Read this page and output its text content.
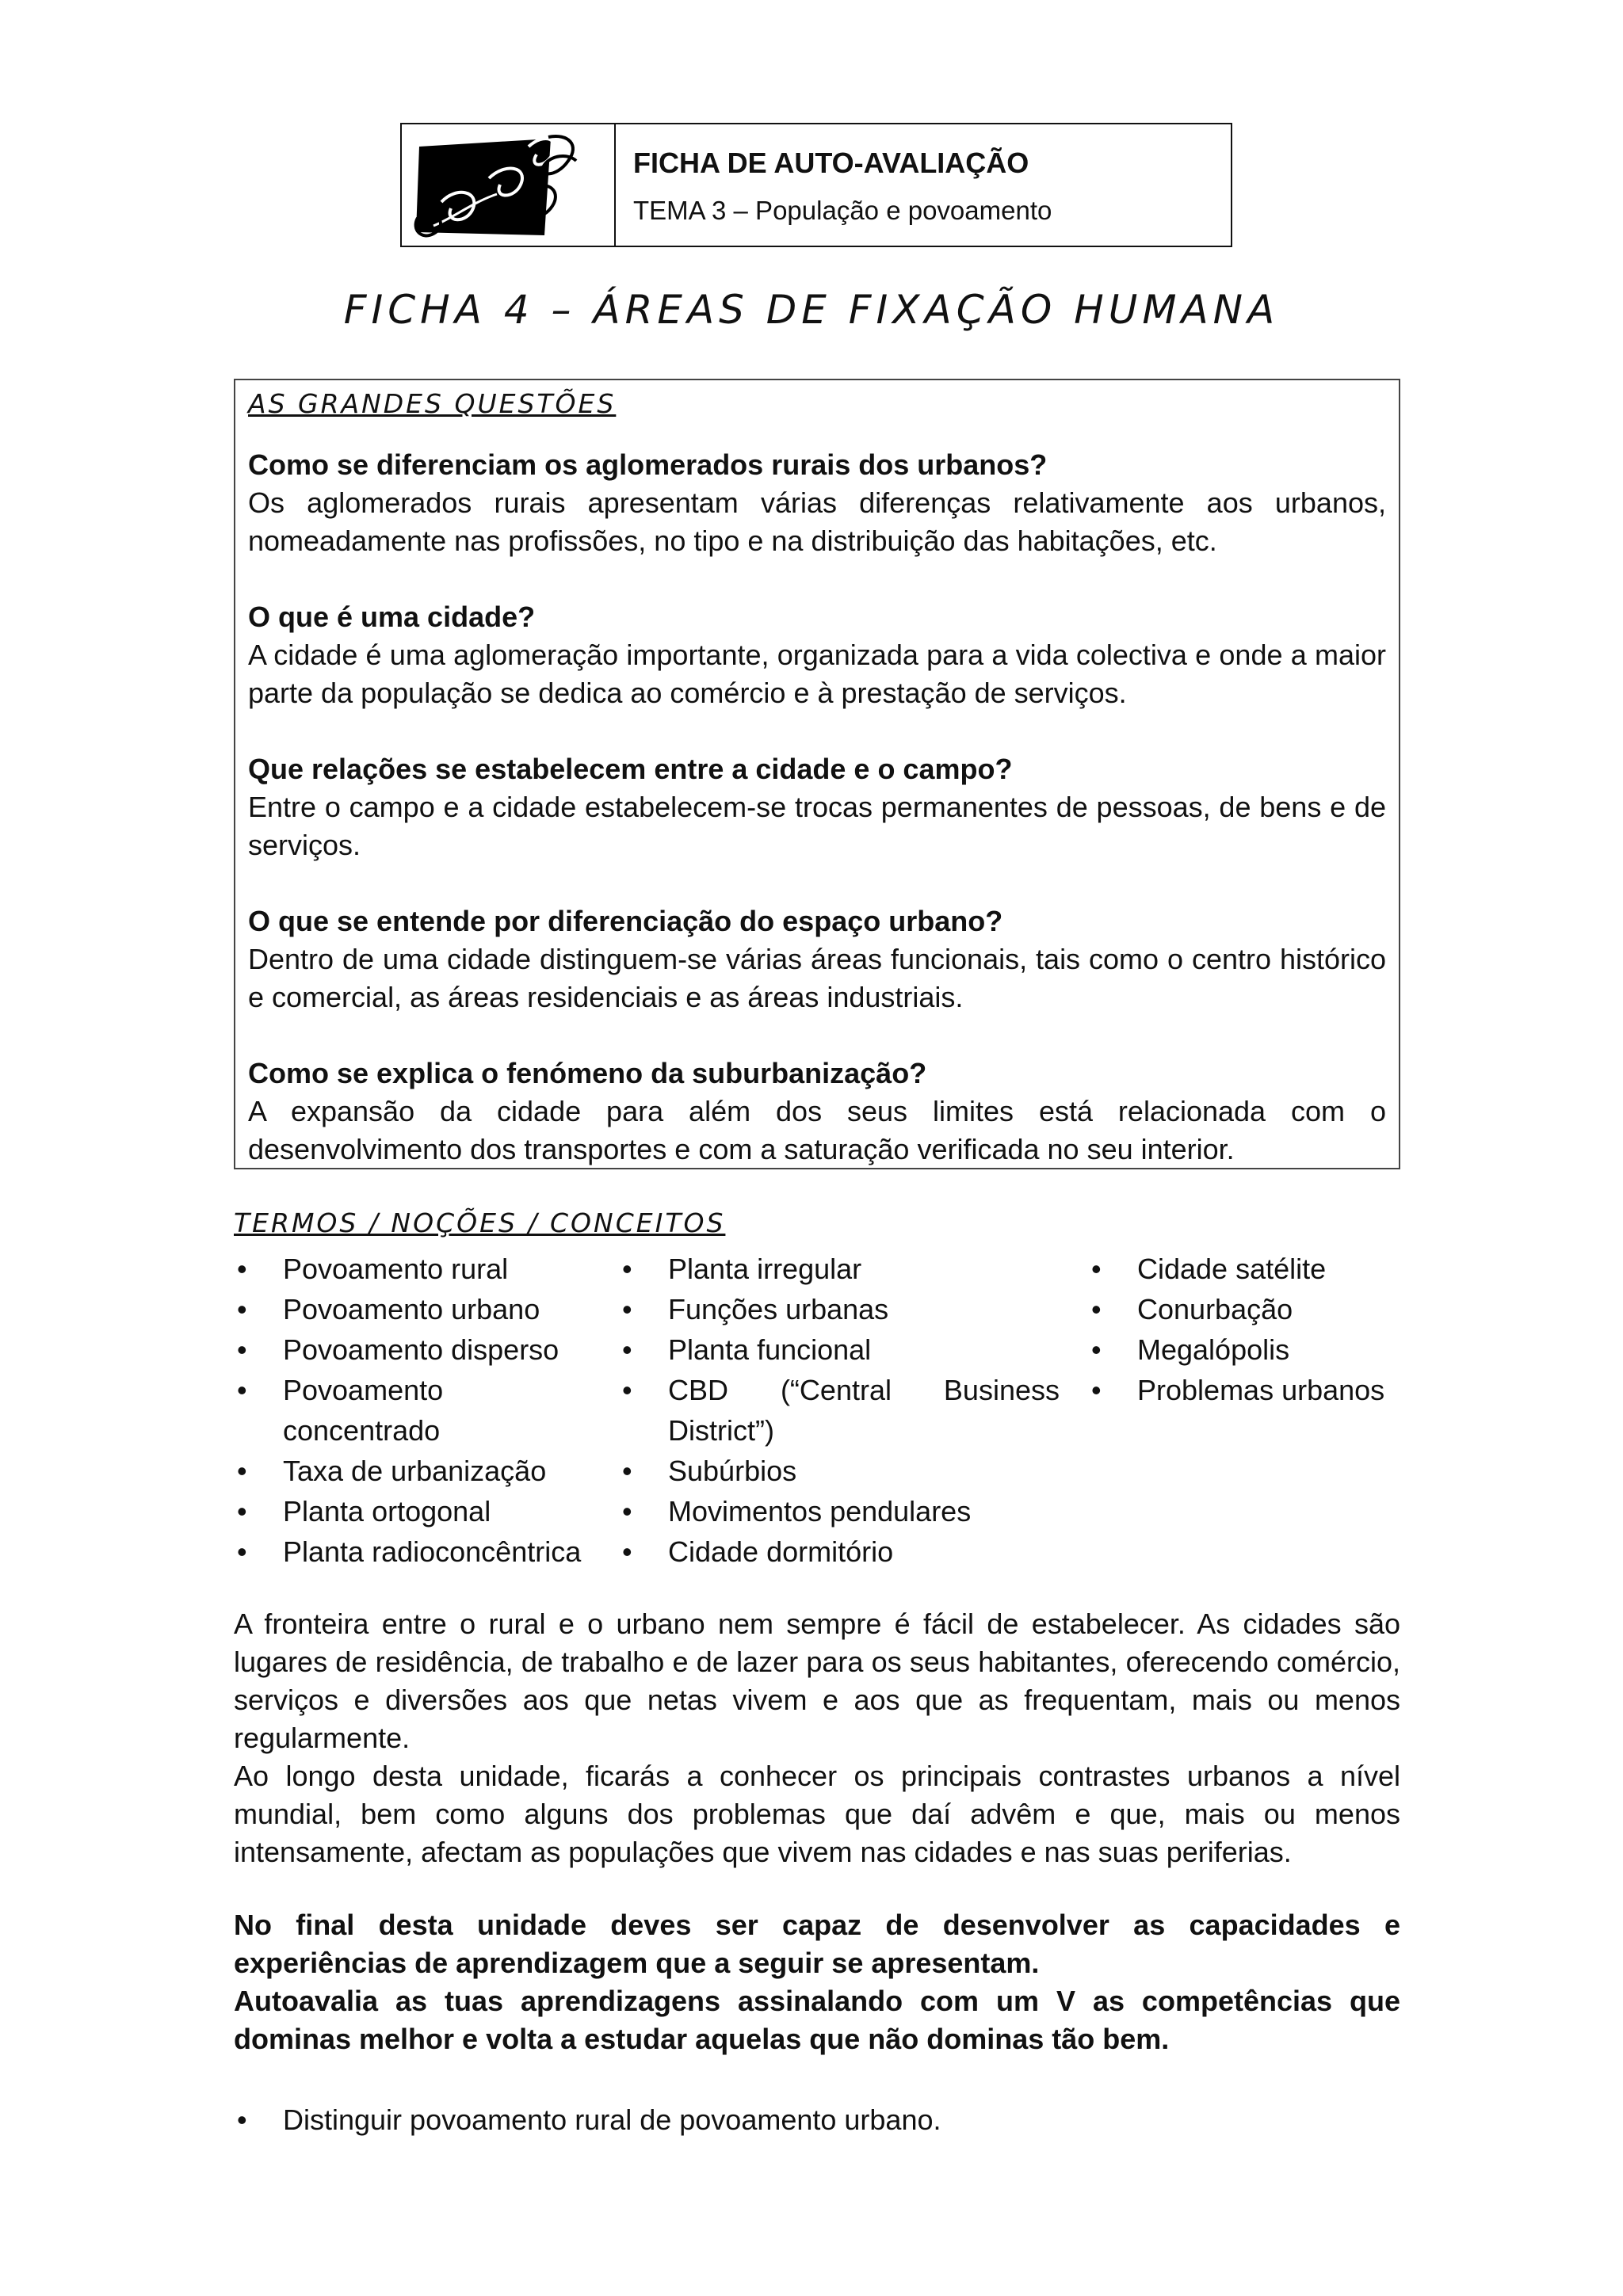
FICHA DE AUTO-AVALIAÇÃO
TEMA 3 – População e povoamento
FICHA 4 – ÁREAS DE FIXAÇÃO HUMANA
AS GRANDES QUESTÕES
Como se diferenciam os aglomerados rurais dos urbanos?
Os aglomerados rurais apresentam várias diferenças relativamente aos urbanos, nomeadamente nas profissões, no tipo e na distribuição das habitações, etc.
O que é uma cidade?
A cidade é uma aglomeração importante, organizada para a vida colectiva e onde a maior parte da população se dedica ao comércio e à prestação de serviços.
Que relações se estabelecem entre a cidade e o campo?
Entre o campo e a cidade estabelecem-se trocas permanentes de pessoas, de bens e de serviços.
O que se entende por diferenciação do espaço urbano?
Dentro de uma cidade distinguem-se várias áreas funcionais, tais como o centro histórico e comercial, as áreas residenciais e as áreas industriais.
Como se explica o fenómeno da suburbanização?
A expansão da cidade para além dos seus limites está relacionada com o desenvolvimento dos transportes e com a saturação verificada no seu interior.
TERMOS / NOÇÕES / CONCEITOS
• Povoamento rural
• Povoamento urbano
• Povoamento disperso
• Povoamento concentrado
• Taxa de urbanização
• Planta ortogonal
• Planta radioconcêntrica
• Planta irregular
• Funções urbanas
• Planta funcional
• CBD (“Central Business District”)
• Subúrbios
• Movimentos pendulares
• Cidade dormitório
• Cidade satélite
• Conurbação
• Megalópolis
• Problemas urbanos

A fronteira entre o rural e o urbano nem sempre é fácil de estabelecer. As cidades são lugares de residência, de trabalho e de lazer para os seus habitantes, oferecendo comércio, serviços e diversões aos que netas vivem e aos que as frequentam, mais ou menos regularmente.

Ao longo desta unidade, ficarás a conhecer os principais contrastes urbanos a nível mundial, bem como alguns dos problemas que daí advêm e que, mais ou menos intensamente, afectam as populações que vivem nas cidades e nas suas periferias.

No final desta unidade deves ser capaz de desenvolver as capacidades e experiências de aprendizagem que a seguir se apresentam.

Autoavalia as tuas aprendizagens assinalando com um V as competências que dominas melhor e volta a estudar aquelas que não dominas tão bem.

• Distinguir povoamento rural de povoamento urbano.
